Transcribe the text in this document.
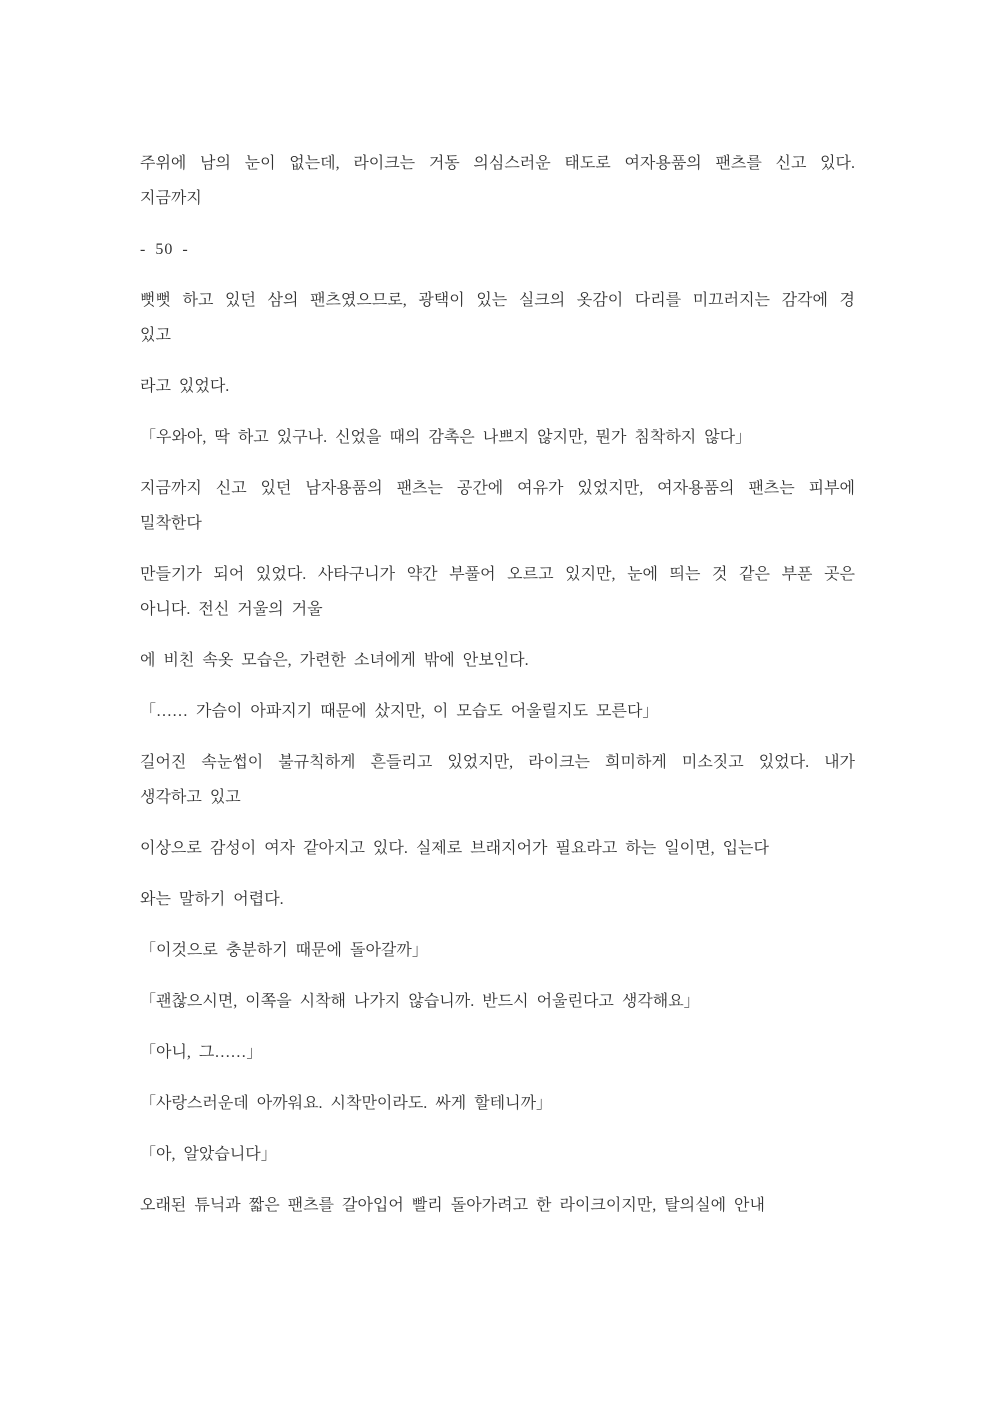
주위에 남의 눈이 없는데, 라이크는 거동 의심스러운 태도로 여자용품의 팬츠를 신고 있다.
지금까지
- 50 -
뻣뻣 하고 있던 삼의 팬츠였으므로, 광택이 있는 실크의 옷감이 다리를 미끄러지는 감각에 경
있고
라고 있었다.
「우와아, 딱 하고 있구나. 신었을 때의 감촉은 나쁘지 않지만, 뭔가 침착하지 않다」
지금까지 신고 있던 남자용품의 팬츠는 공간에 여유가 있었지만, 여자용품의 팬츠는 피부에
밀착한다
만들기가 되어 있었다. 사타구니가 약간 부풀어 오르고 있지만, 눈에 띄는 것 같은 부푼 곳은
아니다. 전신 거울의 거울
에 비친 속옷 모습은, 가련한 소녀에게 밖에 안보인다.
「…… 가슴이 아파지기 때문에 샀지만, 이 모습도 어울릴지도 모른다」
길어진 속눈썹이 불규칙하게 흔들리고 있었지만, 라이크는 희미하게 미소짓고 있었다. 내가
생각하고 있고
이상으로 감성이 여자 같아지고 있다. 실제로 브래지어가 필요라고 하는 일이면, 입는다
와는 말하기 어렵다.
「이것으로 충분하기 때문에 돌아갈까」
「괜찮으시면, 이쪽을 시착해 나가지 않습니까. 반드시 어울린다고 생각해요」
「아니, 그……」
「사랑스러운데 아까워요. 시착만이라도. 싸게 할테니까」
「아, 알았습니다」
오래된 튜닉과 짧은 팬츠를 갈아입어 빨리 돌아가려고 한 라이크이지만, 탈의실에 안내
